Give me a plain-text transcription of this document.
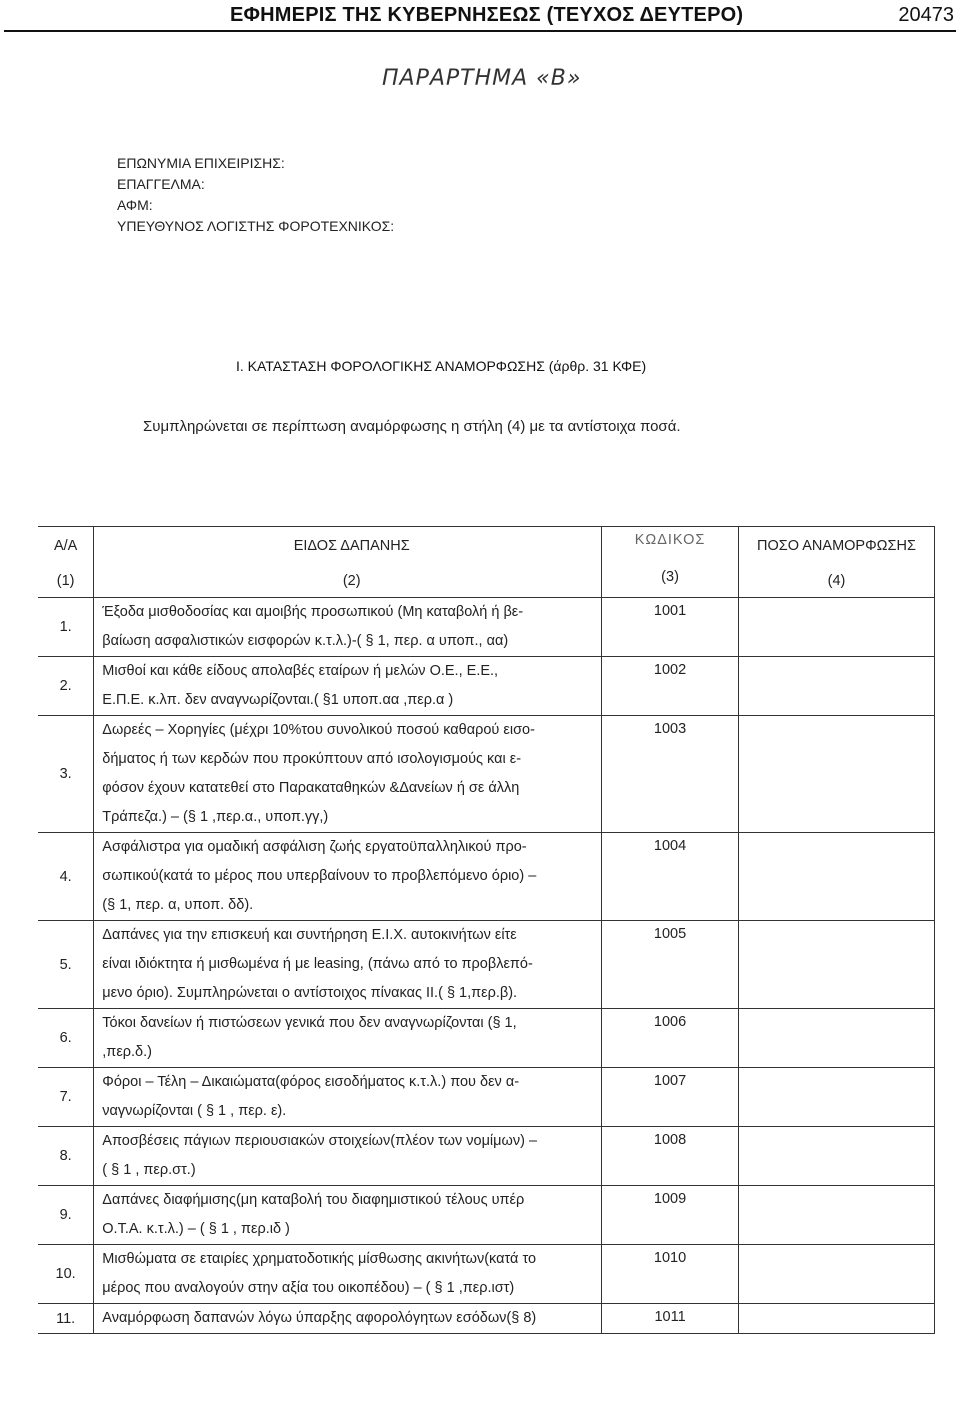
ΕΦΗΜΕΡΙΣ ΤΗΣ ΚΥΒΕΡΝΗΣΕΩΣ (ΤΕΥΧΟΣ ΔΕΥΤΕΡΟ)	20473
ΠΑΡΑΡΤΗΜΑ «Β»
ΕΠΩΝΥΜΙΑ ΕΠΙΧΕΙΡΙΣΗΣ:
ΕΠΑΓΓΕΛΜΑ:
ΑΦΜ:
ΥΠΕΥΘΥΝΟΣ ΛΟΓΙΣΤΗΣ ΦΟΡΟΤΕΧΝΙΚΟΣ:
I. ΚΑΤΑΣΤΑΣΗ ΦΟΡΟΛΟΓΙΚΗΣ ΑΝΑΜΟΡΦΩΣΗΣ (άρθρ. 31 ΚΦΕ)
Συμπληρώνεται σε περίπτωση αναμόρφωσης η στήλη (4) με τα αντίστοιχα ποσά.
Α/Α	ΕΙΔΟΣ ΔΑΠΑΝΗΣ	ΚΩΔΙΚΟΣ	ΠΟΣΟ ΑΝΑΜΟΡΦΩΣΗΣ
(1)	(2)	(3)	(4)
1.	Έξοδα μισθοδοσίας και αμοιβής προσωπικού (Μη καταβολή ή βε-
βαίωση ασφαλιστικών εισφορών κ.τ.λ.)-( § 1, περ. α υποπ., αα)	1001	
2.	Μισθοί και κάθε είδους απολαβές εταίρων ή μελών Ο.Ε., Ε.Ε.,
Ε.Π.Ε. κ.λπ. δεν αναγνωρίζονται.( §1 υποπ.αα ,περ.α )	1002	
3.	Δωρεές – Χορηγίες (μέχρι 10%του συνολικού ποσού καθαρού εισο-
δήματος ή των κερδών που προκύπτουν από ισολογισμούς και ε-
φόσον έχουν κατατεθεί στο Παρακαταθηκών &Δανείων ή σε άλλη
Τράπεζα.) – (§ 1 ,περ.α., υποπ.γγ,)	1003	
4.	Ασφάλιστρα για ομαδική ασφάλιση ζωής εργατοϋπαλληλικού προ-
σωπικού(κατά το μέρος που υπερβαίνουν το προβλεπόμενο όριο) –
(§ 1, περ. α, υποπ. δδ).	1004	
5.	Δαπάνες για την επισκευή και συντήρηση Ε.Ι.Χ. αυτοκινήτων είτε
είναι ιδιόκτητα ή μισθωμένα ή με leasing, (πάνω από το προβλεπό-
μενο όριο). Συμπληρώνεται ο αντίστοιχος πίνακας ΙΙ.( § 1,περ.β).	1005	
6.	Τόκοι δανείων ή πιστώσεων γενικά που δεν αναγνωρίζονται (§ 1,
,περ.δ.)	1006	
7.	Φόροι – Τέλη – Δικαιώματα(φόρος εισοδήματος κ.τ.λ.) που δεν α-
ναγνωρίζονται ( § 1 , περ. ε).	1007	
8.	Αποσβέσεις πάγιων περιουσιακών στοιχείων(πλέον των νομίμων) –
( § 1 , περ.στ.)	1008	
9.	Δαπάνες διαφήμισης(μη καταβολή του διαφημιστικού τέλους υπέρ
Ο.Τ.Α. κ.τ.λ.) – ( § 1 , περ.ιδ )	1009	
10.	Μισθώματα σε εταιρίες χρηματοδοτικής μίσθωσης ακινήτων(κατά το
μέρος που αναλογούν στην αξία του οικοπέδου) – ( § 1 ,περ.ιστ)	1010	
11.	Αναμόρφωση δαπανών λόγω ύπαρξης αφορολόγητων εσόδων(§ 8)	1011	
